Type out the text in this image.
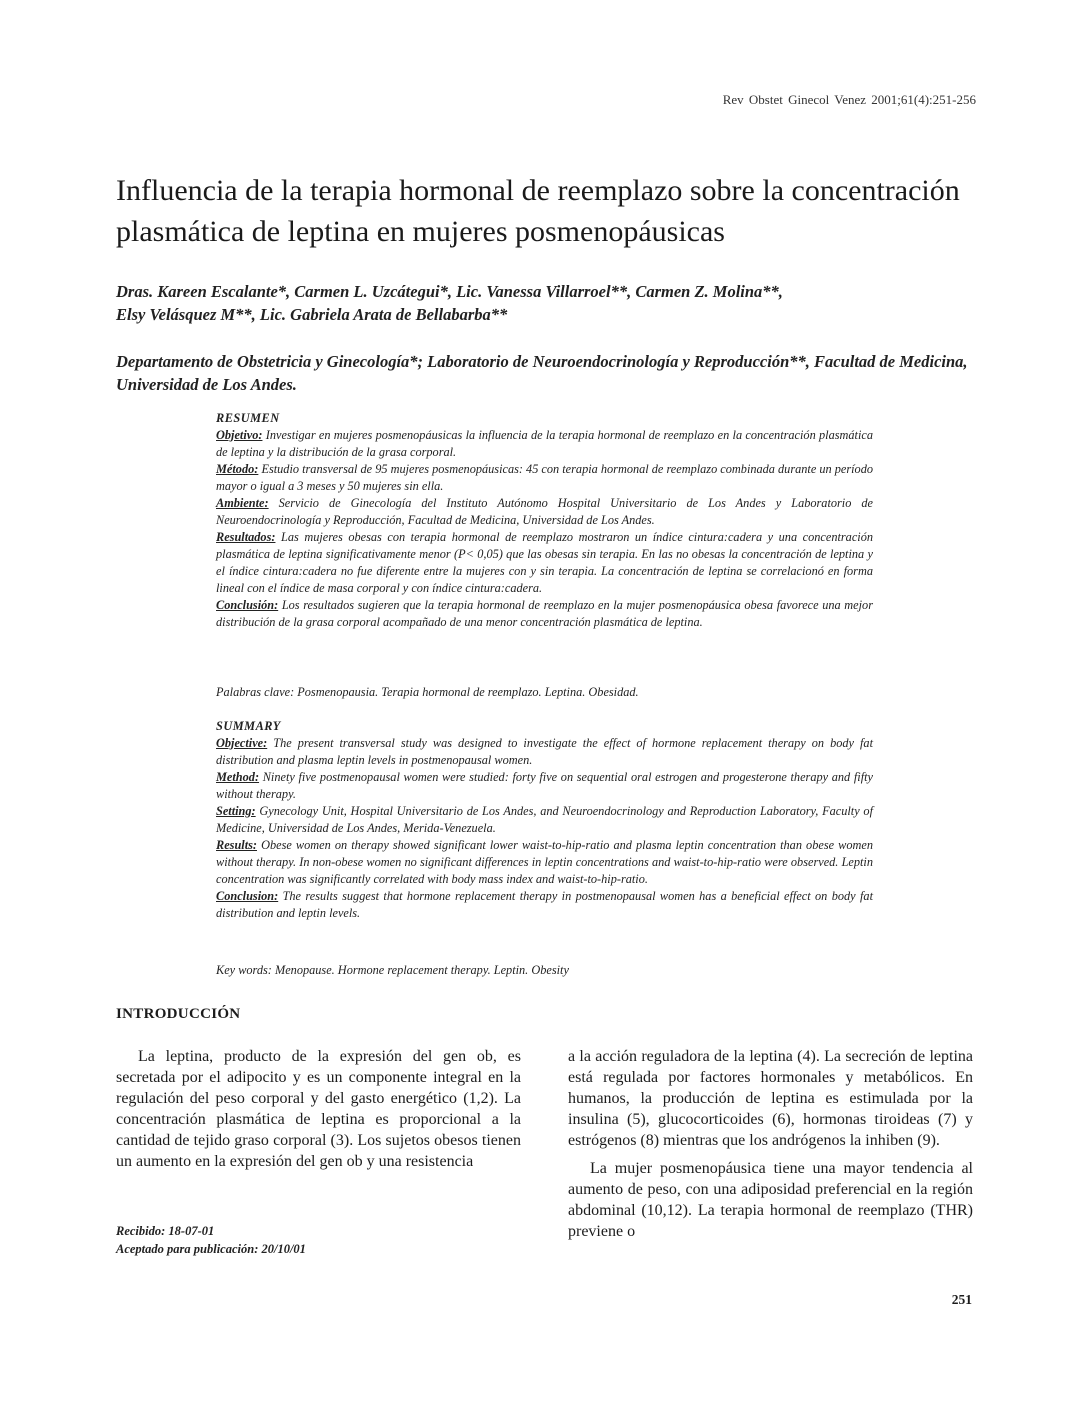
Rev Obstet Ginecol Venez 2001;61(4):251-256
Influencia de la terapia hormonal de reemplazo sobre la concentración plasmática de leptina en mujeres posmenopáusicas
Dras. Kareen Escalante*, Carmen L. Uzcátegui*, Lic. Vanessa Villarroel**, Carmen Z. Molina**,
Elsy Velásquez M**, Lic. Gabriela Arata de Bellabarba**
Departamento de Obstetricia y Ginecología*; Laboratorio de Neuroendocrinología y Reproducción**, Facultad de Medicina, Universidad de Los Andes.

RESUMEN

Objetivo: Investigar en mujeres posmenopáusicas la influencia de la terapia hormonal de reemplazo en la concentración plasmática de leptina y la distribución de la grasa corporal.

Método: Estudio transversal de 95 mujeres posmenopáusicas: 45 con terapia hormonal de reemplazo combinada durante un período mayor o igual a 3 meses y 50 mujeres sin ella.

Ambiente: Servicio de Ginecología del Instituto Autónomo Hospital Universitario de Los Andes y Laboratorio de Neuroendocrinología y Reproducción, Facultad de Medicina, Universidad de Los Andes.

Resultados: Las mujeres obesas con terapia hormonal de reemplazo mostraron un índice cintura:cadera y una concentración plasmática de leptina significativamente menor (P< 0,05) que las obesas sin terapia. En las no obesas la concentración de leptina y el índice cintura:cadera no fue diferente entre la mujeres con y sin terapia. La concentración de leptina se correlacionó en forma lineal con el índice de masa corporal y con índice cintura:cadera.

Conclusión: Los resultados sugieren que la terapia hormonal de reemplazo en la mujer posmenopáusica obesa favorece una mejor distribución de la grasa corporal acompañado de una menor concentración plasmática de leptina.

Palabras clave: Posmenopausia. Terapia hormonal de reemplazo. Leptina. Obesidad.

SUMMARY

Objective: The present transversal study was designed to investigate the effect of hormone replacement therapy on body fat distribution and plasma leptin levels in postmenopausal women.

Method: Ninety five postmenopausal women were studied: forty five on sequential oral estrogen and progesterone therapy and fifty without therapy.

Setting: Gynecology Unit, Hospital Universitario de Los Andes, and Neuroendocrinology and Reproduction Laboratory, Faculty of Medicine, Universidad de Los Andes, Merida-Venezuela.

Results: Obese women on therapy showed significant lower waist-to-hip-ratio and plasma leptin concentration than obese women without therapy. In non-obese women no significant differences in leptin concentrations and waist-to-hip-ratio were observed. Leptin concentration was significantly correlated with body mass index and waist-to-hip-ratio.

Conclusion: The results suggest that hormone replacement therapy in postmenopausal women has a beneficial effect on body fat distribution and leptin levels.

Key words: Menopause. Hormone replacement therapy. Leptin. Obesity

INTRODUCCIÓN

La leptina, producto de la expresión del gen ob, es secretada por el adipocito y es un componente integral en la regulación del peso corporal y del gasto energético (1,2). La concentración plasmática de leptina es proporcional a la cantidad de tejido graso corporal (3). Los sujetos obesos tienen un aumento en la expresión del gen ob y una resistencia

a la acción reguladora de la leptina (4). La secreción de leptina está regulada por factores hormonales y metabólicos. En humanos, la producción de leptina es estimulada por la insulina (5), glucocorticoides (6), hormonas tiroideas (7) y estrógenos (8) mientras que los andrógenos la inhiben (9).

La mujer posmenopáusica tiene una mayor tendencia al aumento de peso, con una adiposidad preferencial en la región abdominal (10,12). La terapia hormonal de reemplazo (THR) previene o

Recibido: 18-07-01
Aceptado para publicación: 20/10/01
251
